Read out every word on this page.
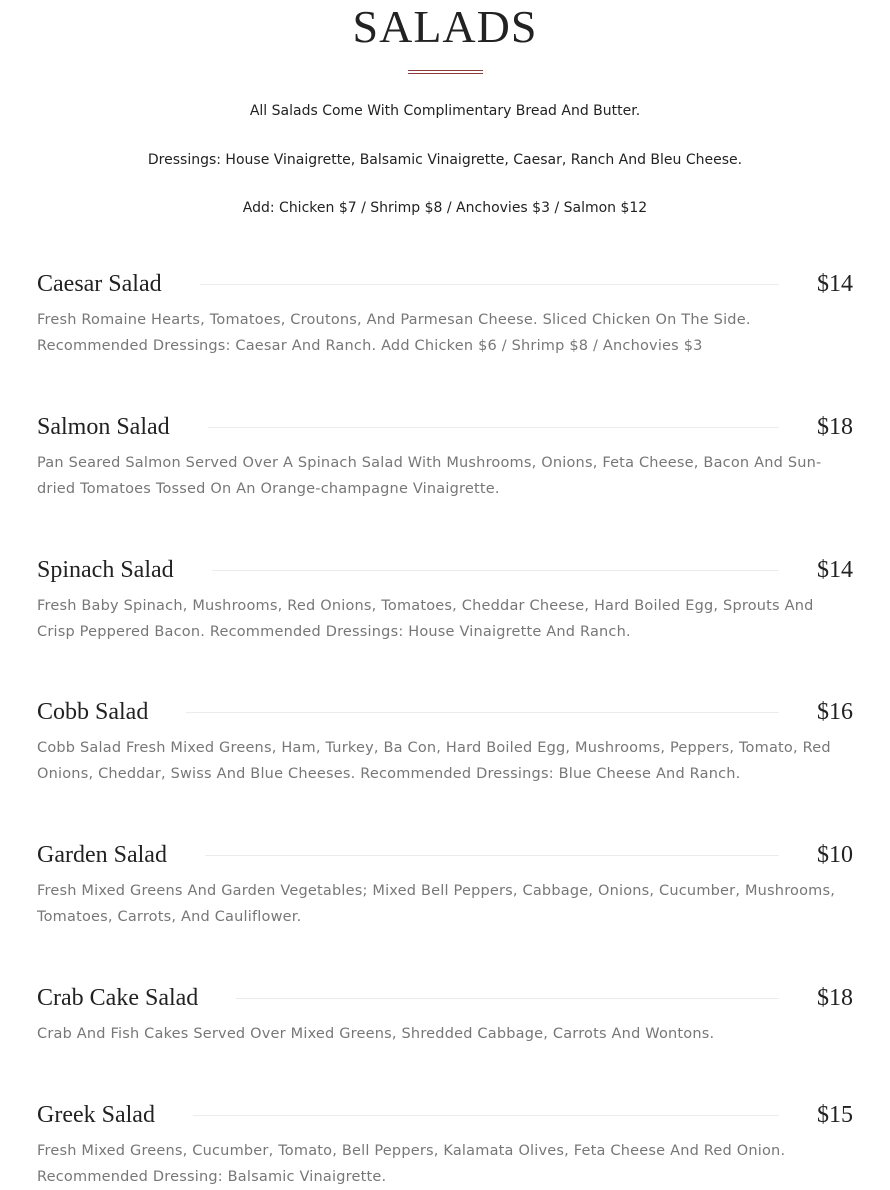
SALADS

All Salads Come With Complimentary Bread And Butter.

Dressings: House Vinaigrette, Balsamic Vinaigrette, Caesar, Ranch And Bleu Cheese.

Add: Chicken $7 / Shrimp $8 / Anchovies $3 / Salmon $12

Caesar Salad	$14

Fresh Romaine Hearts, Tomatoes, Croutons, And Parmesan Cheese. Sliced Chicken On The Side. Recommended Dressings: Caesar And Ranch. Add Chicken $6 / Shrimp $8 / Anchovies $3

Salmon Salad	$18

Pan Seared Salmon Served Over A Spinach Salad With Mushrooms, Onions, Feta Cheese, Bacon And Sun-dried Tomatoes Tossed On An Orange-champagne Vinaigrette.

Spinach Salad	$14

Fresh Baby Spinach, Mushrooms, Red Onions, Tomatoes, Cheddar Cheese, Hard Boiled Egg, Sprouts And Crisp Peppered Bacon. Recommended Dressings: House Vinaigrette And Ranch.

Cobb Salad	$16

Cobb Salad Fresh Mixed Greens, Ham, Turkey, Ba Con, Hard Boiled Egg, Mushrooms, Peppers, Tomato, Red Onions, Cheddar, Swiss And Blue Cheeses. Recommended Dressings: Blue Cheese And Ranch.

Garden Salad	$10

Fresh Mixed Greens And Garden Vegetables; Mixed Bell Peppers, Cabbage, Onions, Cucumber, Mushrooms, Tomatoes, Carrots, And Cauliflower.

Crab Cake Salad	$18

Crab And Fish Cakes Served Over Mixed Greens, Shredded Cabbage, Carrots And Wontons.

Greek Salad	$15

Fresh Mixed Greens, Cucumber, Tomato, Bell Peppers, Kalamata Olives, Feta Cheese And Red Onion. Recommended Dressing: Balsamic Vinaigrette.
